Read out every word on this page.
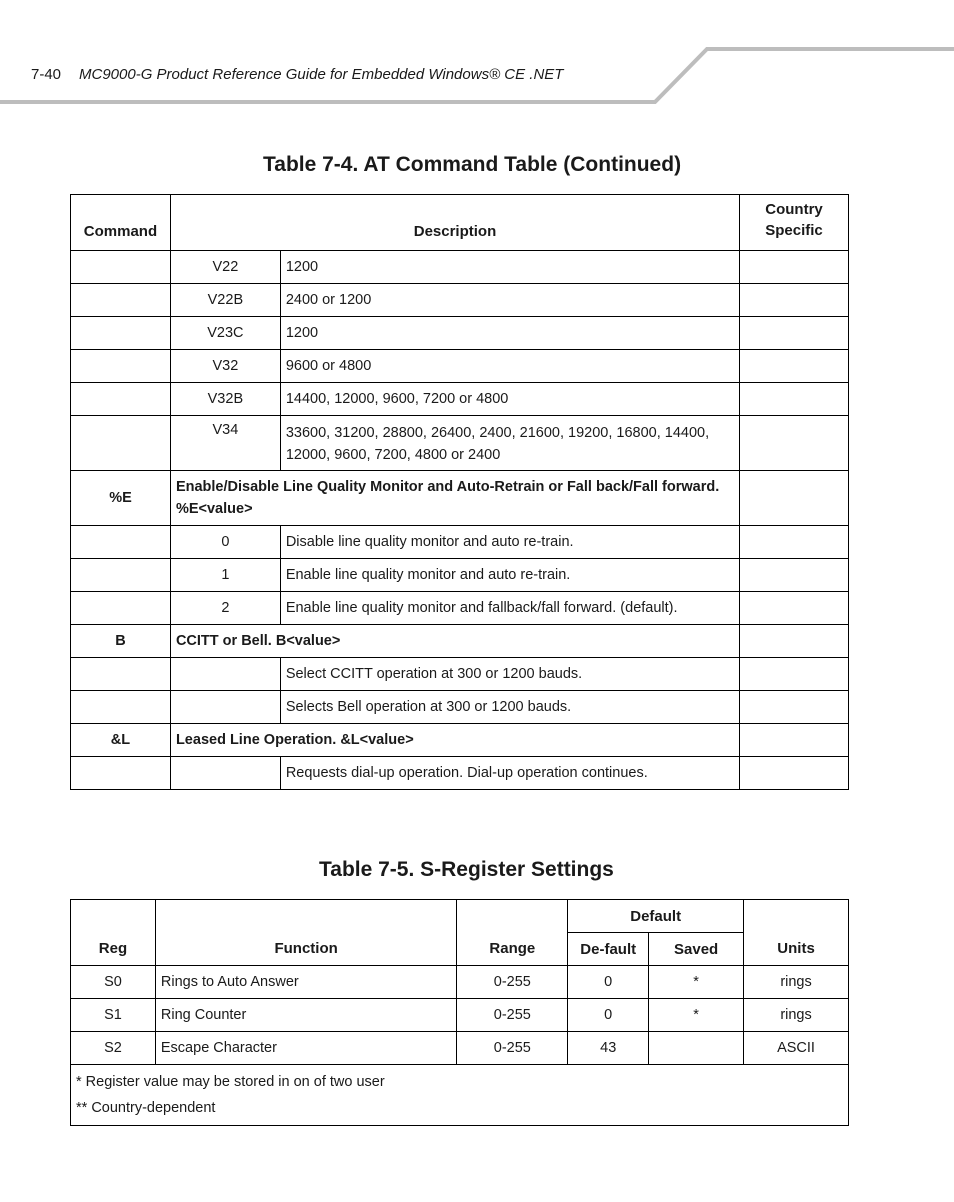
7-40 MC9000-G Product Reference Guide for Embedded Windows® CE .NET
Table 7-4. AT Command Table (Continued)
Command	Description		Country Specific
	V22	1200	
	V22B	2400 or 1200	
	V23C	1200	
	V32	9600 or 4800	
	V32B	14400, 12000, 9600, 7200 or 4800	
	V34	33600, 31200, 28800, 26400, 2400, 21600, 19200, 16800, 14400, 12000, 9600, 7200, 4800 or 2400	
%E	Enable/Disable Line Quality Monitor and Auto-Retrain or Fall back/Fall forward. %E<value>		
	0	Disable line quality monitor and auto re-train.	
	1	Enable line quality monitor and auto re-train.	
	2	Enable line quality monitor and fallback/fall forward. (default).	
B	CCITT or Bell. B<value>		
		Select CCITT operation at 300 or 1200 bauds.	
		Selects Bell operation at 300 or 1200 bauds.	
&L	Leased Line Operation. &L<value>		
		Requests dial-up operation. Dial-up operation continues.	
Table 7-5. S-Register Settings
Reg	Function	Range	Default		Units
			De-fault	Saved	
S0	Rings to Auto Answer	0-255	0	*	rings
S1	Ring Counter	0-255	0	*	rings
S2	Escape Character	0-255	43		ASCII

* Register value may be stored in on of two user
** Country-dependent					
